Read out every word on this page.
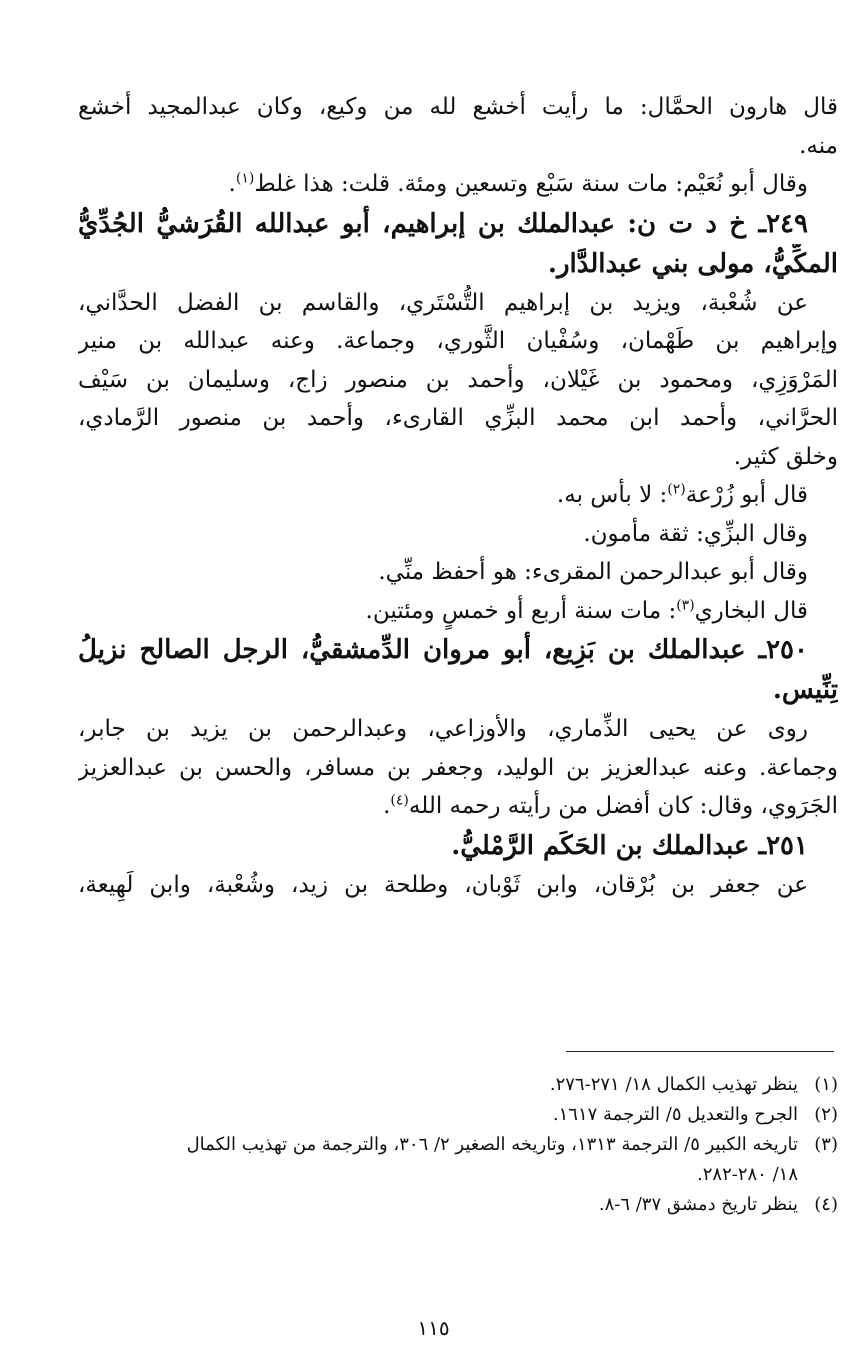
قال هارون الحمَّال: ما رأيت أخشع لله من وكيع، وكان عبدالمجيد أخشع
منه.
وقال أبو نُعَيْم: مات سنة سَبْع وتسعين ومئة. قلت: هذا غلط$^{(١)}$.
٢٤٩ـ خ د ت ن: عبدالملك بن إبراهيم، أبو عبدالله القُرَشيُّ الجُدِّيُّ
المكِّيُّ، مولى بني عبدالدَّار.
عن شُعْبة، ويزيد بن إبراهيم التُّسْتَري، والقاسم بن الفضل الحدَّاني،
وإبراهيم بن طَهْمان، وسُفْيان الثَّوري، وجماعة. وعنه عبدالله بن منير
المَرْوَزِي، ومحمود بن غَيْلان، وأحمد بن منصور زاج، وسليمان بن سَيْف
الحرَّاني، وأحمد ابن محمد البزِّي القارىء، وأحمد بن منصور الرَّمادي،
وخلق كثير.
قال أبو زُرْعة$^{(٢)}$: لا بأس به.
وقال البزِّي: ثقة مأمون.
وقال أبو عبدالرحمن المقرىء: هو أحفظ منِّي.
قال البخاري$^{(٣)}$: مات سنة أربع أو خمسٍ ومئتين.
٢٥٠ـ عبدالملك بن بَزِيع، أبو مروان الدِّمشقيُّ، الرجل الصالح نزيلُ
تِنِّيس.
روى عن يحيى الذِّماري، والأوزاعي، وعبدالرحمن بن يزيد بن جابر،
وجماعة. وعنه عبدالعزيز بن الوليد، وجعفر بن مسافر، والحسن بن عبدالعزيز
الجَرَوي، وقال: كان أفضل من رأيته رحمه الله$^{(٤)}$.
٢٥١ـ عبدالملك بن الحَكَم الرَّمْليُّ.
عن جعفر بن بُرْقان، وابن ثَوْبان، وطلحة بن زيد، وشُعْبة، وابن لَهِيعة،
(١)
ينظر تهذيب الكمال ١٨/ ٢٧١-٢٧٦.
(٢)
الجرح والتعديل ٥/ الترجمة ١٦١٧.
(٣)
تاريخه الكبير ٥/ الترجمة ١٣١٣، وتاريخه الصغير ٢/ ٣٠٦، والترجمة من تهذيب الكمال
١٨/ ٢٨٠-٢٨٢.
(٤)
ينظر تاريخ دمشق ٣٧/ ٦-٨.
١١٥
